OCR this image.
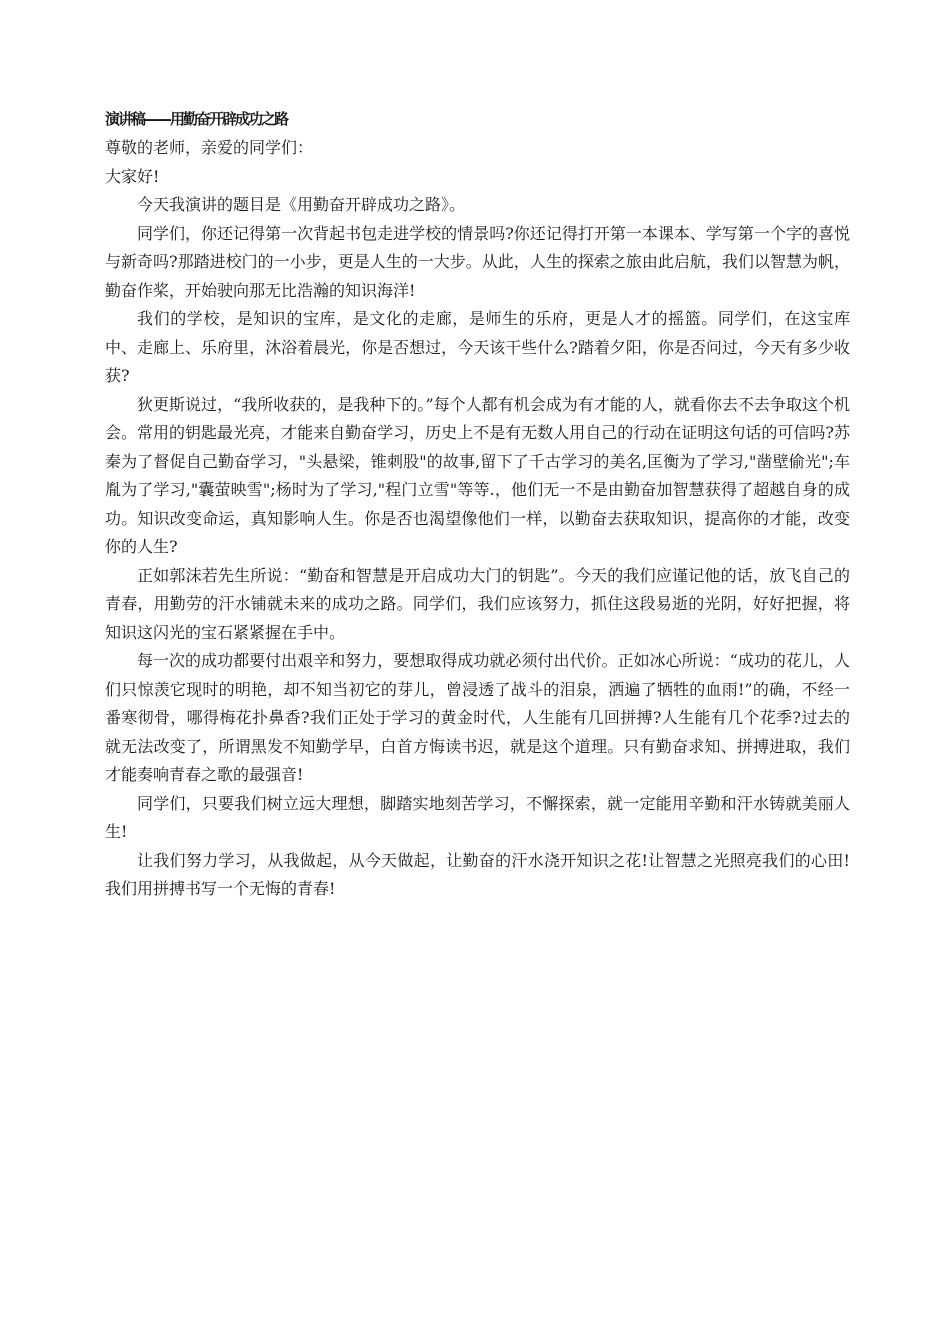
演讲稿——用勤奋开辟成功之路

尊敬的老师，亲爱的同学们：

大家好!

今天我演讲的题目是《用勤奋开辟成功之路》。

同学们，你还记得第一次背起书包走进学校的情景吗?你还记得打开第一本课本、学写第一个字的喜悦与新奇吗?那踏进校门的一小步，更是人生的一大步。从此，人生的探索之旅由此启航，我们以智慧为帆，勤奋作桨，开始驶向那无比浩瀚的知识海洋!

我们的学校，是知识的宝库，是文化的走廊，是师生的乐府，更是人才的摇篮。同学们，在这宝库中、走廊上、乐府里，沐浴着晨光，你是否想过，今天该干些什么?踏着夕阳，你是否问过，今天有多少收获?

狄更斯说过，“我所收获的，是我种下的。”每个人都有机会成为有才能的人，就看你去不去争取这个机会。常用的钥匙最光亮，才能来自勤奋学习，历史上不是有无数人用自己的行动在证明这句话的可信吗?苏秦为了督促自己勤奋学习，"头悬梁，锥刺股"的故事,留下了千古学习的美名,匡衡为了学习,"凿壁偷光";车胤为了学习,"囊萤映雪";杨时为了学习,"程门立雪"等等.，他们无一不是由勤奋加智慧获得了超越自身的成功。知识改变命运，真知影响人生。你是否也渴望像他们一样，以勤奋去获取知识，提高你的才能，改变你的人生?

正如郭沫若先生所说：“勤奋和智慧是开启成功大门的钥匙”。今天的我们应谨记他的话，放飞自己的青春，用勤劳的汗水铺就未来的成功之路。同学们，我们应该努力，抓住这段易逝的光阴，好好把握，将知识这闪光的宝石紧紧握在手中。

每一次的成功都要付出艰辛和努力，要想取得成功就必须付出代价。正如冰心所说：“成功的花儿，人们只惊羡它现时的明艳，却不知当初它的芽儿，曾浸透了战斗的泪泉，洒遍了牺牲的血雨!”的确，不经一番寒彻骨，哪得梅花扑鼻香?我们正处于学习的黄金时代，人生能有几回拼搏?人生能有几个花季?过去的就无法改变了，所谓黑发不知勤学早，白首方悔读书迟，就是这个道理。只有勤奋求知、拼搏进取，我们才能奏响青春之歌的最强音!

同学们，只要我们树立远大理想，脚踏实地刻苦学习，不懈探索，就一定能用辛勤和汗水铸就美丽人生!

让我们努力学习，从我做起，从今天做起，让勤奋的汗水浇开知识之花!让智慧之光照亮我们的心田!我们用拼搏书写一个无悔的青春!
